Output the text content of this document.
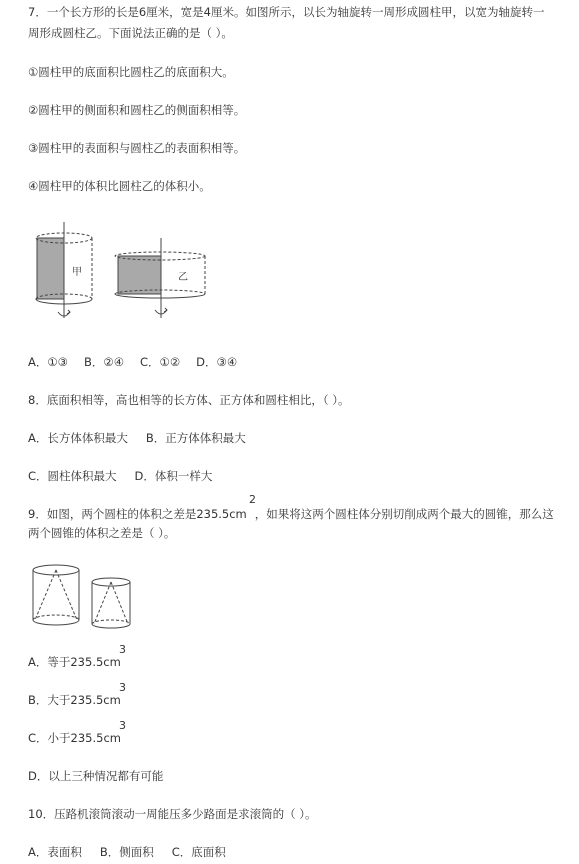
7．一个长方形的长是6厘米，宽是4厘米。如图所示，以长为轴旋转一周形成圆柱甲，以宽为轴旋转一
周形成圆柱乙。下面说法正确的是（ ）。
①圆柱甲的底面积比圆柱乙的底面积大。
②圆柱甲的侧面积和圆柱乙的侧面积相等。
③圆柱甲的表面积与圆柱乙的表面积相等。
④圆柱甲的体积比圆柱乙的体积小。
甲	乙
A．①③ B．②④ C．①② D．③④
8．底面积相等，高也相等的长方体、正方体和圆柱相比，（ ）。
A．长方体体积最大 B．正方体体积最大
C．圆柱体积最大 D．体积一样大
9．如图，两个圆柱的体积之差是235.5cm ，如果将这两个圆柱体分别切削成两个最大的圆锥，那么这
2
两个圆锥的体积之差是（ ）。
A．等于235.5cm
3
B．大于235.5cm
3
C．小于235.5cm
3
D．以上三种情况都有可能
10．压路机滚筒滚动一周能压多少路面是求滚筒的（ ）。
A．表面积 B．侧面积 C．底面积
